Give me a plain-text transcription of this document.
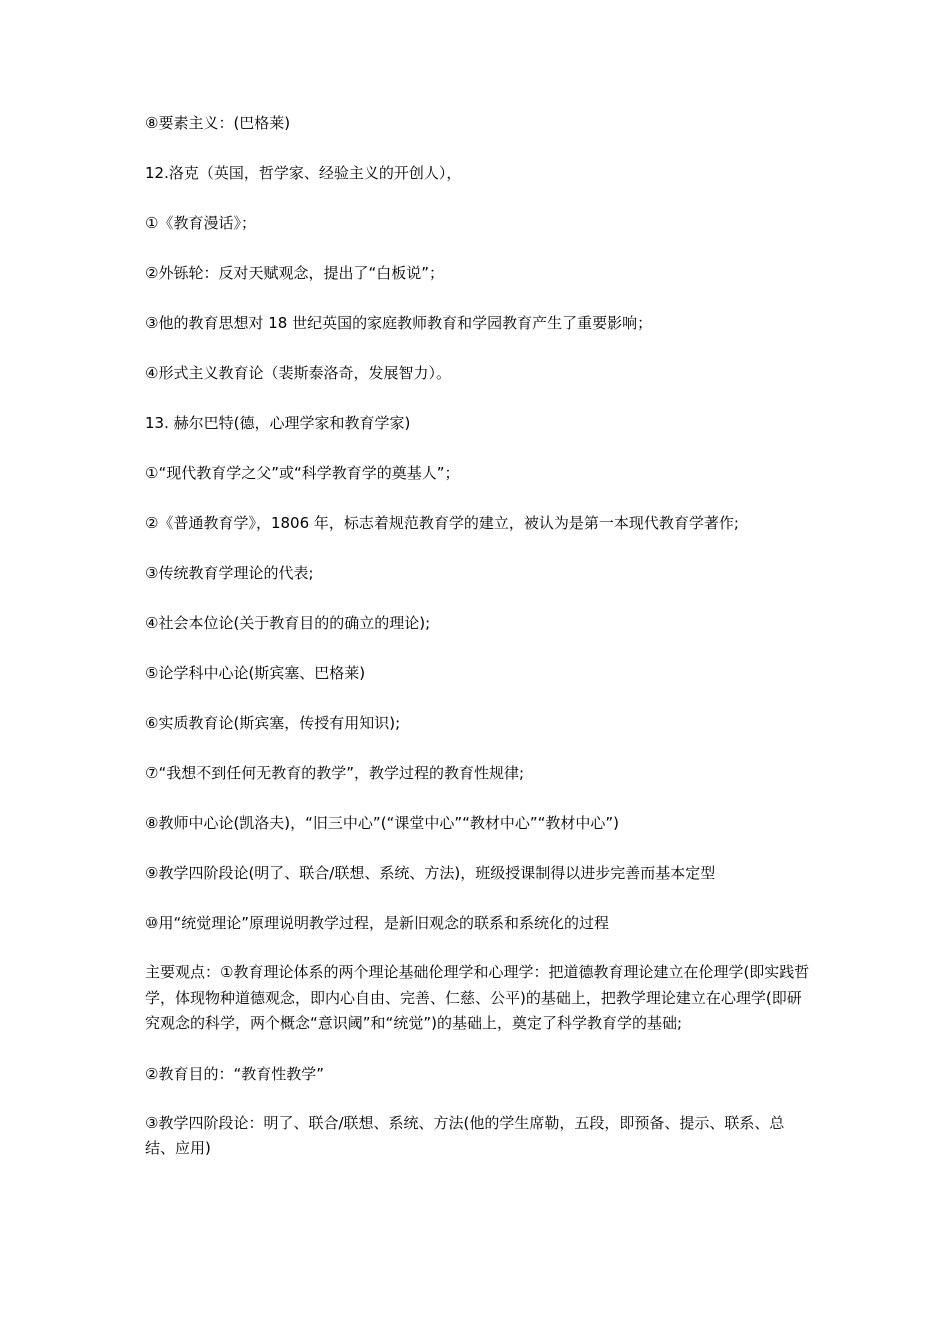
⑧要素主义：(巴格莱)

12.洛克（英国，哲学家、经验主义的开创人），

①《教育漫话》；

②外铄轮：反对天赋观念，提出了“白板说”；

③他的教育思想对 18 世纪英国的家庭教师教育和学园教育产生了重要影响；

④形式主义教育论（裴斯泰洛奇，发展智力）。

13. 赫尔巴特(德，心理学家和教育学家)

①“现代教育学之父”或“科学教育学的奠基人”；

②《普通教育学》，1806 年，标志着规范教育学的建立，被认为是第一本现代教育学著作;

③传统教育学理论的代表;

④社会本位论(关于教育目的的确立的理论);

⑤论学科中心论(斯宾塞、巴格莱)

⑥实质教育论(斯宾塞，传授有用知识);

⑦“我想不到任何无教育的教学”，教学过程的教育性规律;

⑧教师中心论(凯洛夫)，“旧三中心”(“课堂中心”“教材中心”“教材中心”)

⑨教学四阶段论(明了、联合/联想、系统、方法)，班级授课制得以进步完善而基本定型

⑩用“统觉理论”原理说明教学过程，是新旧观念的联系和系统化的过程

主要观点：①教育理论体系的两个理论基础伦理学和心理学：把道德教育理论建立在伦理学(即实践哲学，体现物种道德观念，即内心自由、完善、仁慈、公平)的基础上，把教学理论建立在心理学(即研究观念的科学，两个概念“意识阈”和“统觉”)的基础上，奠定了科学教育学的基础;

②教育目的：“教育性教学”

③教学四阶段论：明了、联合/联想、系统、方法(他的学生席勒，五段，即预备、提示、联系、总结、应用)
